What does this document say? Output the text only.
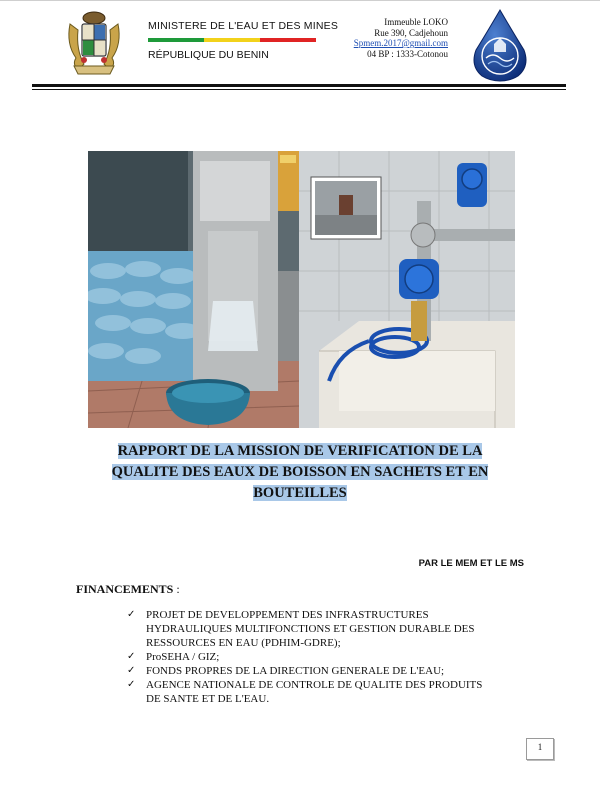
MINISTERE DE L'EAU ET DES MINES
RÉPUBLIQUE DU BENIN
Immeuble LOKO
Rue 390, Cadjehoun
Spmem.2017@gmail.com
04 BP : 1333-Cotonou
RAPPORT DE LA MISSION DE VERIFICATION DE LA
QUALITE DES EAUX DE BOISSON EN SACHETS ET EN
BOUTEILLES
PAR LE MEM ET LE MS
FINANCEMENTS :
✓ PROJET DE DEVELOPPEMENT DES INFRASTRUCTURES HYDRAULIQUES MULTIFONCTIONS ET GESTION DURABLE DES RESSOURCES EN EAU (PDHIM-GDRE);
✓ ProSEHA / GIZ;
✓ FONDS PROPRES DE LA DIRECTION GENERALE DE L'EAU;
✓ AGENCE NATIONALE DE CONTROLE DE QUALITE DES PRODUITS DE SANTE ET DE L'EAU.
1
